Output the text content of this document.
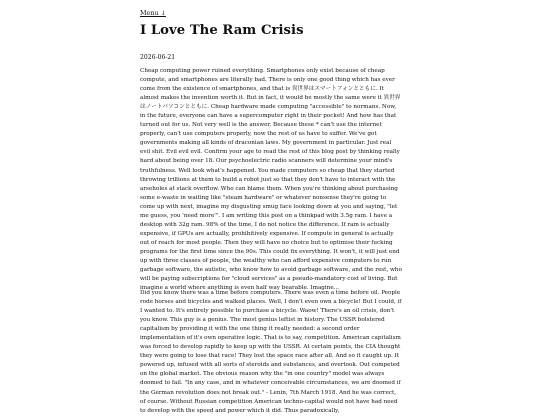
Menu ↓
I Love The Ram Crisis
2026-06-21

Cheap computing power ruined everything. Smartphones only exist because of cheap compute, and smartphones are literally bad. There is only one good thing which has ever come from the existence of smartphones, and that is 異世界はスマートフォンとともに. It almost makes the invention worth it. But in fact, it would be mostly the same were it 異世界はノートパソコンとともに. Cheap hardware made computing "accessible" to normans. Now, in the future, everyone can have a supercomputer right in their pocket! And how has that turned out for us. Not very well is the answer. Because these * can't use the internet properly, can't use computers properly, now the rest of us have to suffer. We've got governments making all kinds of draconian laws. My government in particular. Just real evil shit. Evil evil evil. Confirm your age to read the rest of this blog post by thinking really hard about being over 18. Our psychoelectric radio scanners will determine your mind's truthfulness. Well look what's happened. You made computers so cheap that they started throwing trillions at them to build a robot just so that they don't have to interact with the arseholes at stack overflow. Who can blame them. When you're thinking about purchasing some e-waste in waiting like "steam hardware" or whatever nonsense they're going to come up with next, imagine my disgusting smug face looking down at you and saying, "let me guess, you 'need more'". I am writing this post on a thinkpad with 3.5g ram. I have a desktop with 32g ram. 98% of the time, I do not notice the difference. If ram is actually expensive, if GPUs are actually, prohibitively expensive. If compute in general is actually out of reach for most people. Then they will have no choice but to optimise their fucking programs for the first time since the 90s. This could fix everything. It won't, it will just end up with three classes of people, the wealthy who can afford expensive computers to run garbage software, the autistic, who know how to avoid garbage software, and the rest, who will be paying subscriptions for "cloud services" as a pseudo-mandatory cost of living. But imagine a world where anything is even half way bearable. Imagine...

Did you know there was a time before computers. There was even a time before oil. People rode horses and bicycles and walked places. Well, I don't even own a bicycle! But I could, if I wanted to. It's entirely possible to purchase a bicycle. Waow! There's an oil crisis, don't you know. This guy is a genius. The most genius leftist in history. The USSR bolstered capitalism by providing it with the one thing it really needed: a second order implementation of it's own operative logic. That is to say, competition. American capitalism was forced to develop rapidly to keep up with the USSR. At certain points, the CIA thought they were going to lose that race! They lost the space race after all. And so it caught up. It powered up, infused with all sorts of steroids and substances, and overtook. Out competed on the global market. The obvious reason why the "in one country" model was always doomed to fail. "In any case, and in whatever conceivable circumstances, we are doomed if the German revolution does not break out." - Lenin, 7th March 1918. And he was correct, of course. Without Russian competition American techno-capital would not have had need to develop with the speed and power which it did. Thus paradoxically,
